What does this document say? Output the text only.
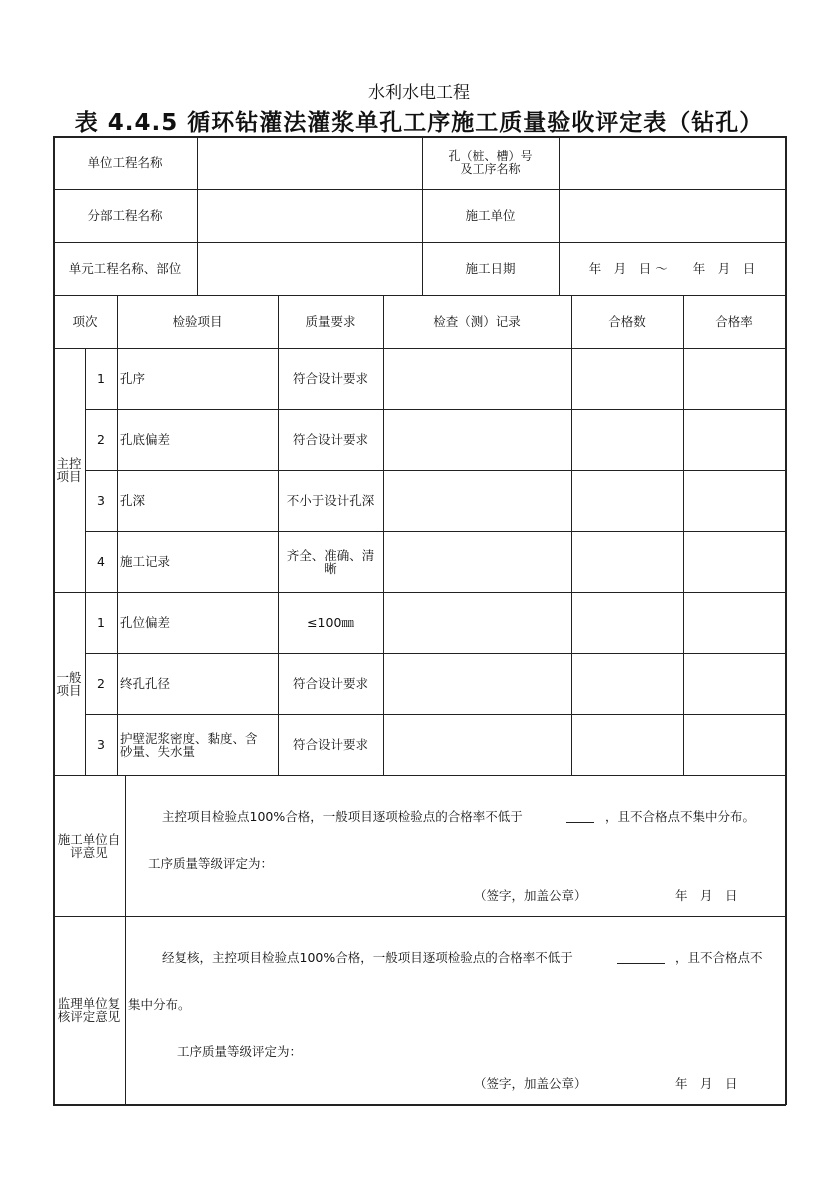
水利水电工程
表 4.4.5 循环钻灌法灌浆单孔工序施工质量验收评定表（钻孔）
单位工程名称	孔（桩、槽）号
及工序名称
分部工程名称	施工单位
单元工程名称、部位	施工日期	年　月　日 ～　　年　月　日
项次	检验项目	质量要求	检查（测）记录	合格数	合格率
主控
项目
1 孔序	符合设计要求
2 孔底偏差	符合设计要求
3 孔深	不小于设计孔深
4 施工记录	齐全、准确、清
晰
一般
项目
1 孔位偏差	≤100㎜
2 终孔孔径	符合设计要求
3 护壁泥浆密度、黏度、含
砂量、失水量	符合设计要求
施工单位自
评意见
主控项目检验点100%合格，一般项目逐项检验点的合格率不低于	，且不合格点不集中分布。
工序质量等级评定为：
（签字，加盖公章）	年　月　日
监理单位复
核评定意见
经复核，主控项目检验点100%合格，一般项目逐项检验点的合格率不低于	，且不合格点不
集中分布。
工序质量等级评定为：
（签字，加盖公章）	年　月　日
